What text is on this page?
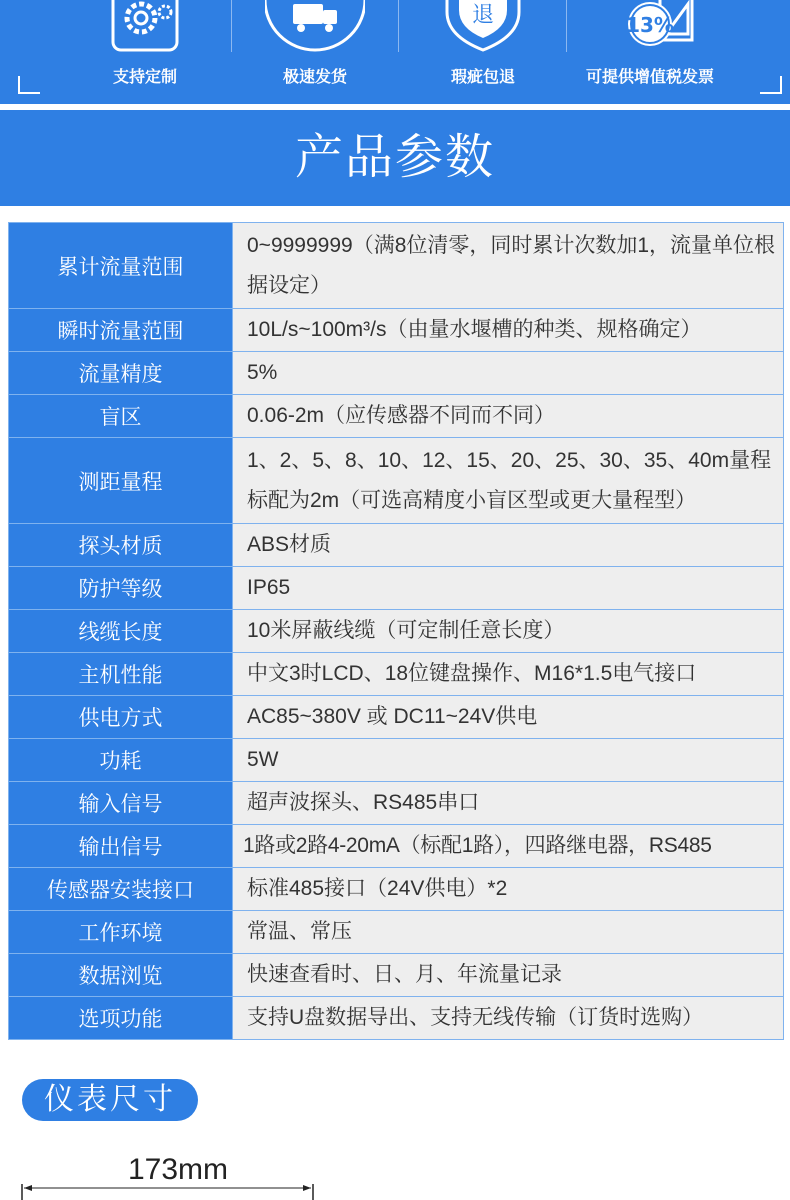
支持定制	极速发货
退
瑕疵包退
13%
可提供增值税发票
产品参数
累计流量范围	0~9999999（满8位清零，同时累计次数加1，流量单位根据设定）
瞬时流量范围	10L/s~100m³/s（由量水堰槽的种类、规格确定）
流量精度	5%
盲区	0.06-2m（应传感器不同而不同）
测距量程	1、2、5、8、10、12、15、20、25、30、35、40m量程标配为2m（可选高精度小盲区型或更大量程型）
探头材质	ABS材质
防护等级	IP65
线缆长度	10米屏蔽线缆（可定制任意长度）
主机性能	中文3时LCD、18位键盘操作、M16*1.5电气接口
供电方式	AC85~380V 或 DC11~24V供电
功耗	5W
输入信号	超声波探头、RS485串口
输出信号	1路或2路4-20mA（标配1路），四路继电器，RS485
传感器安装接口	标准485接口（24V供电）*2
工作环境	常温、常压
数据浏览	快速查看时、日、月、年流量记录
选项功能	支持U盘数据导出、支持无线传输（订货时选购）
仪表尺寸
173mm
